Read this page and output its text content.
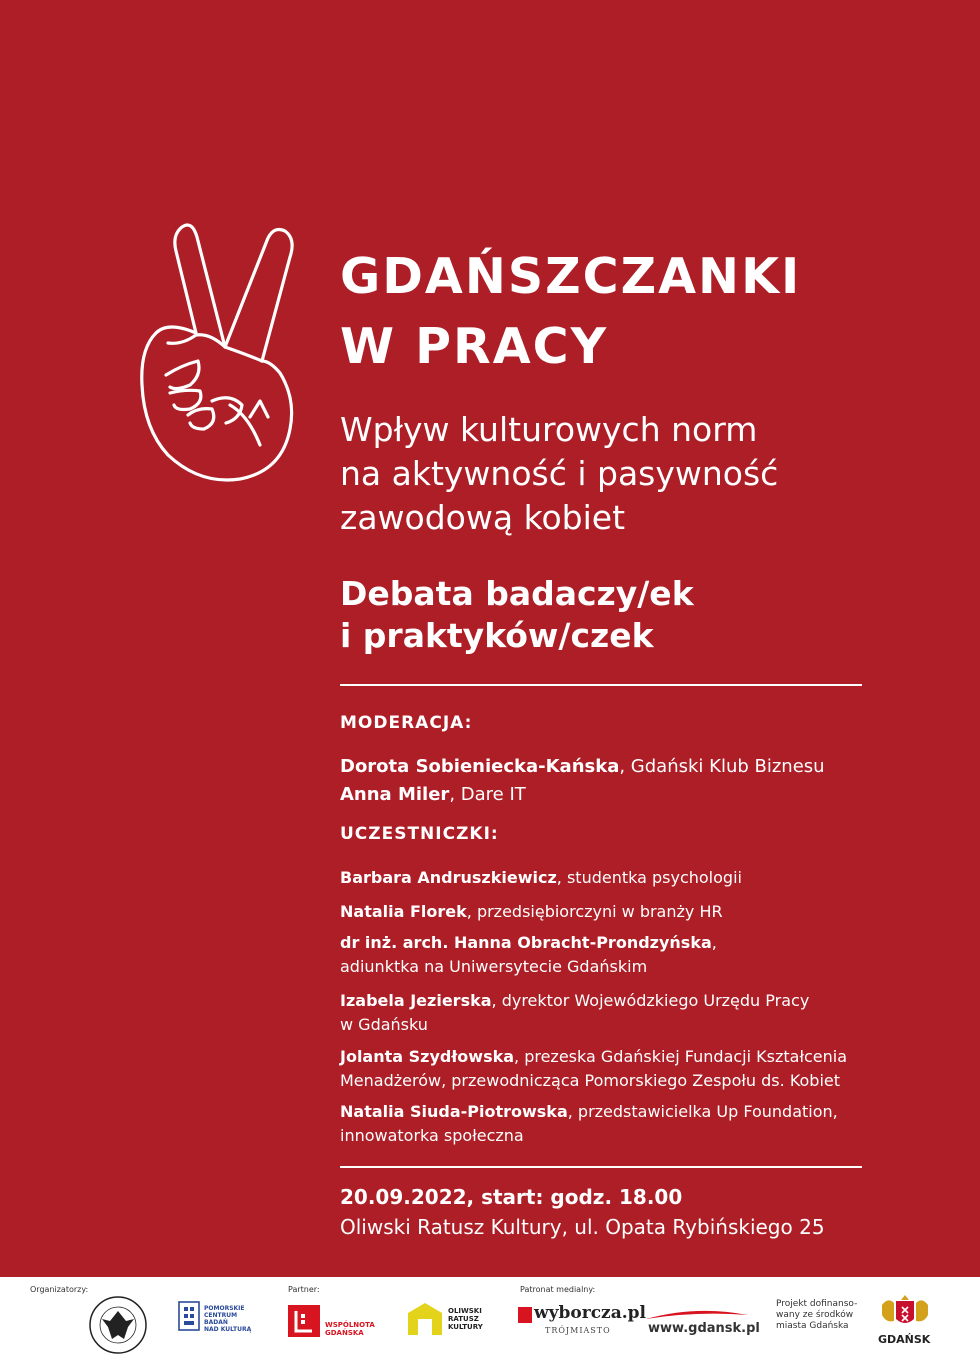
GDAŃSZCZANKI
W PRACY
Wpływ kulturowych norm
na aktywność i pasywność
zawodową kobiet
Debata badaczy/ek
i praktyków/czek
MODERACJA:
Dorota Sobieniecka-Kańska, Gdański Klub Biznesu
Anna Miler, Dare IT
UCZESTNICZKI:
Barbara Andruszkiewicz, studentka psychologii
Natalia Florek, przedsiębiorczyni w branży HR
dr inż. arch. Hanna Obracht-Prondzyńska,
adiunktka na Uniwersytecie Gdańskim
Izabela Jezierska, dyrektor Wojewódzkiego Urzędu Pracy
w Gdańsku
Jolanta Szydłowska, prezeska Gdańskiej Fundacji Kształcenia
Menadżerów, przewodnicząca Pomorskiego Zespołu ds. Kobiet
Natalia Siuda-Piotrowska, przedstawicielka Up Foundation,
innowatorka społeczna
20.09.2022, start: godz. 18.00
Oliwski Ratusz Kultury, ul. Opata Rybińskiego 25
Organizatorzy:	Partner:	Patronat medialny:
POMORSKIE
CENTRUM
BADAŃ
NAD KULTURĄ
WSPÓLNOTA
GDAŃSKA
OLIWSKI
RATUSZ
KULTURY
wyborcza.pl
TRÓJMIASTO	www.gdansk.pl
Projekt dofinanso-
wany ze środków
miasta Gdańska
GDAŃSK
